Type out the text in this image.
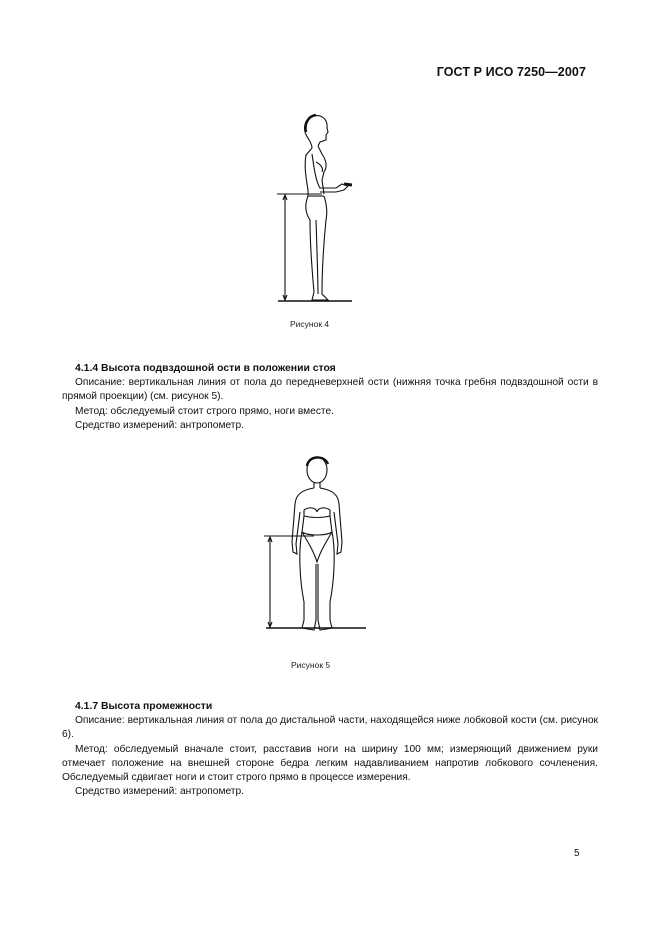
ГОСТ Р ИСО 7250—2007
Рисунок 4
4.1.4 Высота подвздошной ости в положении стоя

Описание: вертикальная линия от пола до передневерхней ости (нижняя точка гребня подвздошной ости в прямой проекции) (см. рисунок 5).

Метод: обследуемый стоит строго прямо, ноги вместе.

Средство измерений: антропометр.

Рисунок 5
4.1.7 Высота промежности

Описание: вертикальная линия от пола до дистальной части, находящейся ниже лобковой кости (см. рисунок 6).

Метод: обследуемый вначале стоит, расставив ноги на ширину 100 мм; измеряющий движением руки отмечает положение на внешней стороне бедра легким надавливанием напротив лобкового сочленения. Обследуемый сдвигает ноги и стоит строго прямо в процессе измерения.

Средство измерений: антропометр.

5
